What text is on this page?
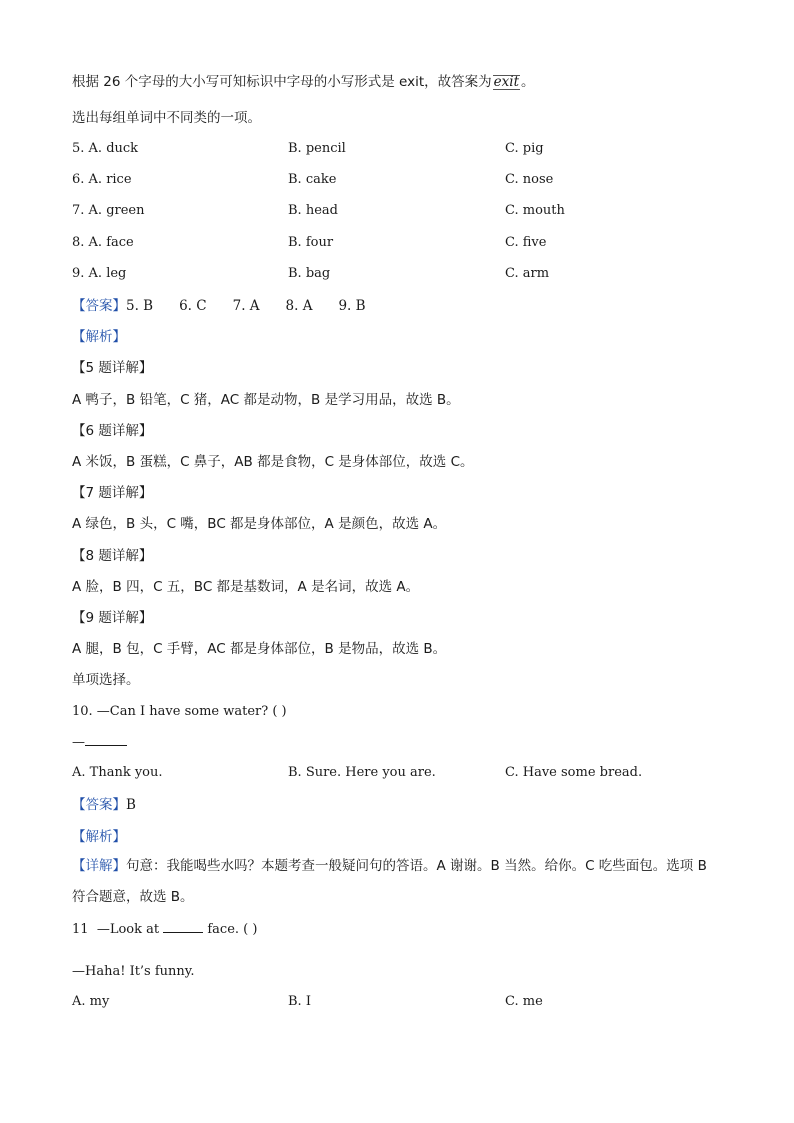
根据 26 个字母的大小写可知标识中字母的小写形式是 exit，故答案为 exit 。
选出每组单词中不同类的一项。
5. A. duck	B. pencil	C. pig
6. A. rice	B. cake	C. nose
7. A. green	B. head	C. mouth
8. A. face	B. four	C. five
9. A. leg	B. bag	C. arm
【答案】5. B 6. C 7. A 8. A 9. B
【解析】
【5 题详解】
A 鸭子，B 铅笔，C 猪，AC 都是动物，B 是学习用品，故选 B。
【6 题详解】
A 米饭，B 蛋糕，C 鼻子，AB 都是食物，C 是身体部位，故选 C。
【7 题详解】
A 绿色，B 头，C 嘴，BC 都是身体部位，A 是颜色，故选 A。
【8 题详解】
A 脸，B 四，C 五，BC 都是基数词，A 是名词，故选 A。
【9 题详解】
A 腿，B 包，C 手臂，AC 都是身体部位，B 是物品，故选 B。
单项选择。
10. —Can I have some water? ( )
—
A. Thank you.	B. Sure. Here you are.	C. Have some bread.
【答案】B
【解析】
【详解】句意：我能喝些水吗？本题考查一般疑问句的答语。A 谢谢。B 当然。给你。C 吃些面包。选项 B 符合题意，故选 B。
11 —Look at	face. ( )
—Haha! It’s funny.
A. my	B. I	C. me
